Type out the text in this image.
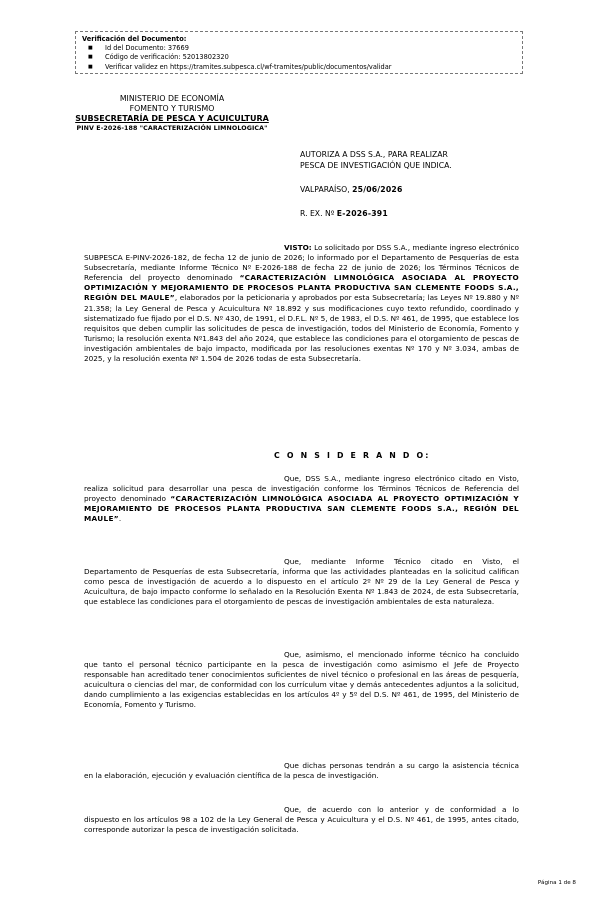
Verificación del Documento:
■ Id del Documento: 37669
■ Código de verificación: 52013802320
■ Verificar validez en https://tramites.subpesca.cl/wf-tramites/public/documentos/validar
MINISTERIO DE ECONOMÍA
FOMENTO Y TURISMO
SUBSECRETARÍA DE PESCA Y ACUICULTURA
PINV E-2026-188 "CARACTERIZACIÓN LIMNOLOGICA"
AUTORIZA A DSS S.A., PARA REALIZAR
PESCA DE INVESTIGACIÓN QUE INDICA.
VALPARAÍSO, 25/06/2026
R. EX. Nº E-2026-391

VISTO: Lo solicitado por DSS S.A., mediante ingreso electrónico SUBPESCA E-PINV-2026-182, de fecha 12 de junio de 2026; lo informado por el Departamento de Pesquerías de esta Subsecretaría, mediante Informe Técnico Nº E-2026-188 de fecha 22 de junio de 2026; los Términos Técnicos de Referencia del proyecto denominado “CARACTERIZACIÓN LIMNOLÓGICA ASOCIADA AL PROYECTO OPTIMIZACIÓN Y MEJORAMIENTO DE PROCESOS PLANTA PRODUCTIVA SAN CLEMENTE FOODS S.A., REGIÓN DEL MAULE”, elaborados por la peticionaria y aprobados por esta Subsecretaría; las Leyes Nº 19.880 y Nº 21.358; la Ley General de Pesca y Acuicultura Nº 18.892 y sus modificaciones cuyo texto refundido, coordinado y sistematizado fue fijado por el D.S. Nº 430, de 1991, el D.F.L. Nº 5, de 1983, el D.S. Nº 461, de 1995, que establece los requisitos que deben cumplir las solicitudes de pesca de investigación, todos del Ministerio de Economía, Fomento y Turismo; la resolución exenta Nº1.843 del año 2024, que establece las condiciones para el otorgamiento de pescas de investigación ambientales de bajo impacto, modificada por las resoluciones exentas Nº 170 y Nº 3.034, ambas de 2025, y la resolución exenta Nº 1.504 de 2026 todas de esta Subsecretaría.

C O N S I D E R A N D O:

Que, DSS S.A., mediante ingreso electrónico citado en Visto, realiza solicitud para desarrollar una pesca de investigación conforme los Términos Técnicos de Referencia del proyecto denominado “CARACTERIZACIÓN LIMNOLÓGICA ASOCIADA AL PROYECTO OPTIMIZACIÓN Y MEJORAMIENTO DE PROCESOS PLANTA PRODUCTIVA SAN CLEMENTE FOODS S.A., REGIÓN DEL MAULE”.

Que, mediante Informe Técnico citado en Visto, el Departamento de Pesquerías de esta Subsecretaría, informa que las actividades planteadas en la solicitud califican como pesca de investigación de acuerdo a lo dispuesto en el artículo 2º Nº 29 de la Ley General de Pesca y Acuicultura, de bajo impacto conforme lo señalado en la Resolución Exenta Nº 1.843 de 2024, de esta Subsecretaría, que establece las condiciones para el otorgamiento de pescas de investigación ambientales de esta naturaleza.

Que, asimismo, el mencionado informe técnico ha concluido que tanto el personal técnico participante en la pesca de investigación como asimismo el Jefe de Proyecto responsable han acreditado tener conocimientos suficientes de nivel técnico o profesional en las áreas de pesquería, acuicultura o ciencias del mar, de conformidad con los currículum vitae y demás antecedentes adjuntos a la solicitud, dando cumplimiento a las exigencias establecidas en los artículos 4º y 5º del D.S. Nº 461, de 1995, del Ministerio de Economía, Fomento y Turismo.

Que dichas personas tendrán a su cargo la asistencia técnica en la elaboración, ejecución y evaluación científica de la pesca de investigación.

Que, de acuerdo con lo anterior y de conformidad a lo dispuesto en los artículos 98 a 102 de la Ley General de Pesca y Acuicultura y el D.S. Nº 461, de 1995, antes citado, corresponde autorizar la pesca de investigación solicitada.

Página 1 de 8
